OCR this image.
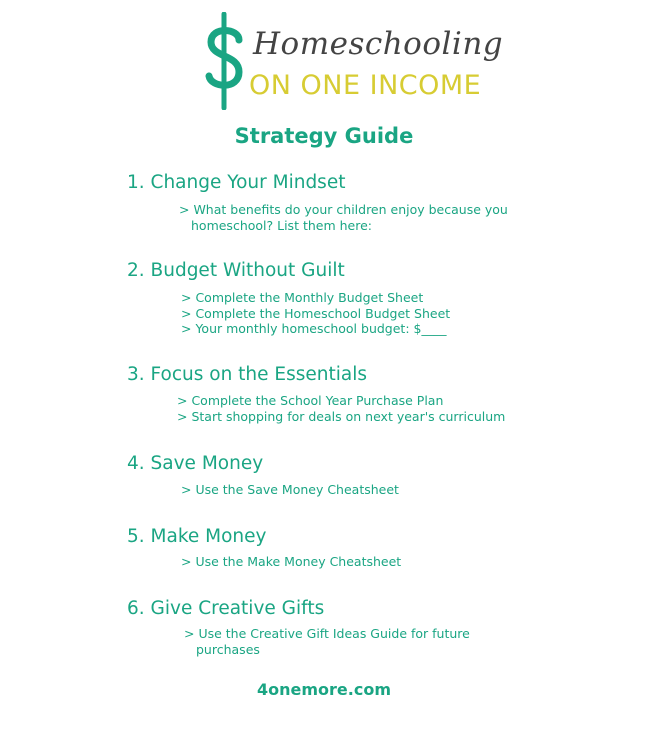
Homeschooling
ON ONE INCOME
Strategy Guide
1. Change Your Mindset
> What benefits do your children enjoy because you homeschool? List them here:
2. Budget Without Guilt
> Complete the Monthly Budget Sheet
> Complete the Homeschool Budget Sheet
> Your monthly homeschool budget: $____
3. Focus on the Essentials
> Complete the School Year Purchase Plan
> Start shopping for deals on next year's curriculum
4. Save Money
> Use the Save Money Cheatsheet
5. Make Money
> Use the Make Money Cheatsheet
6. Give Creative Gifts
> Use the Creative Gift Ideas Guide for future purchases
4onemore.com
